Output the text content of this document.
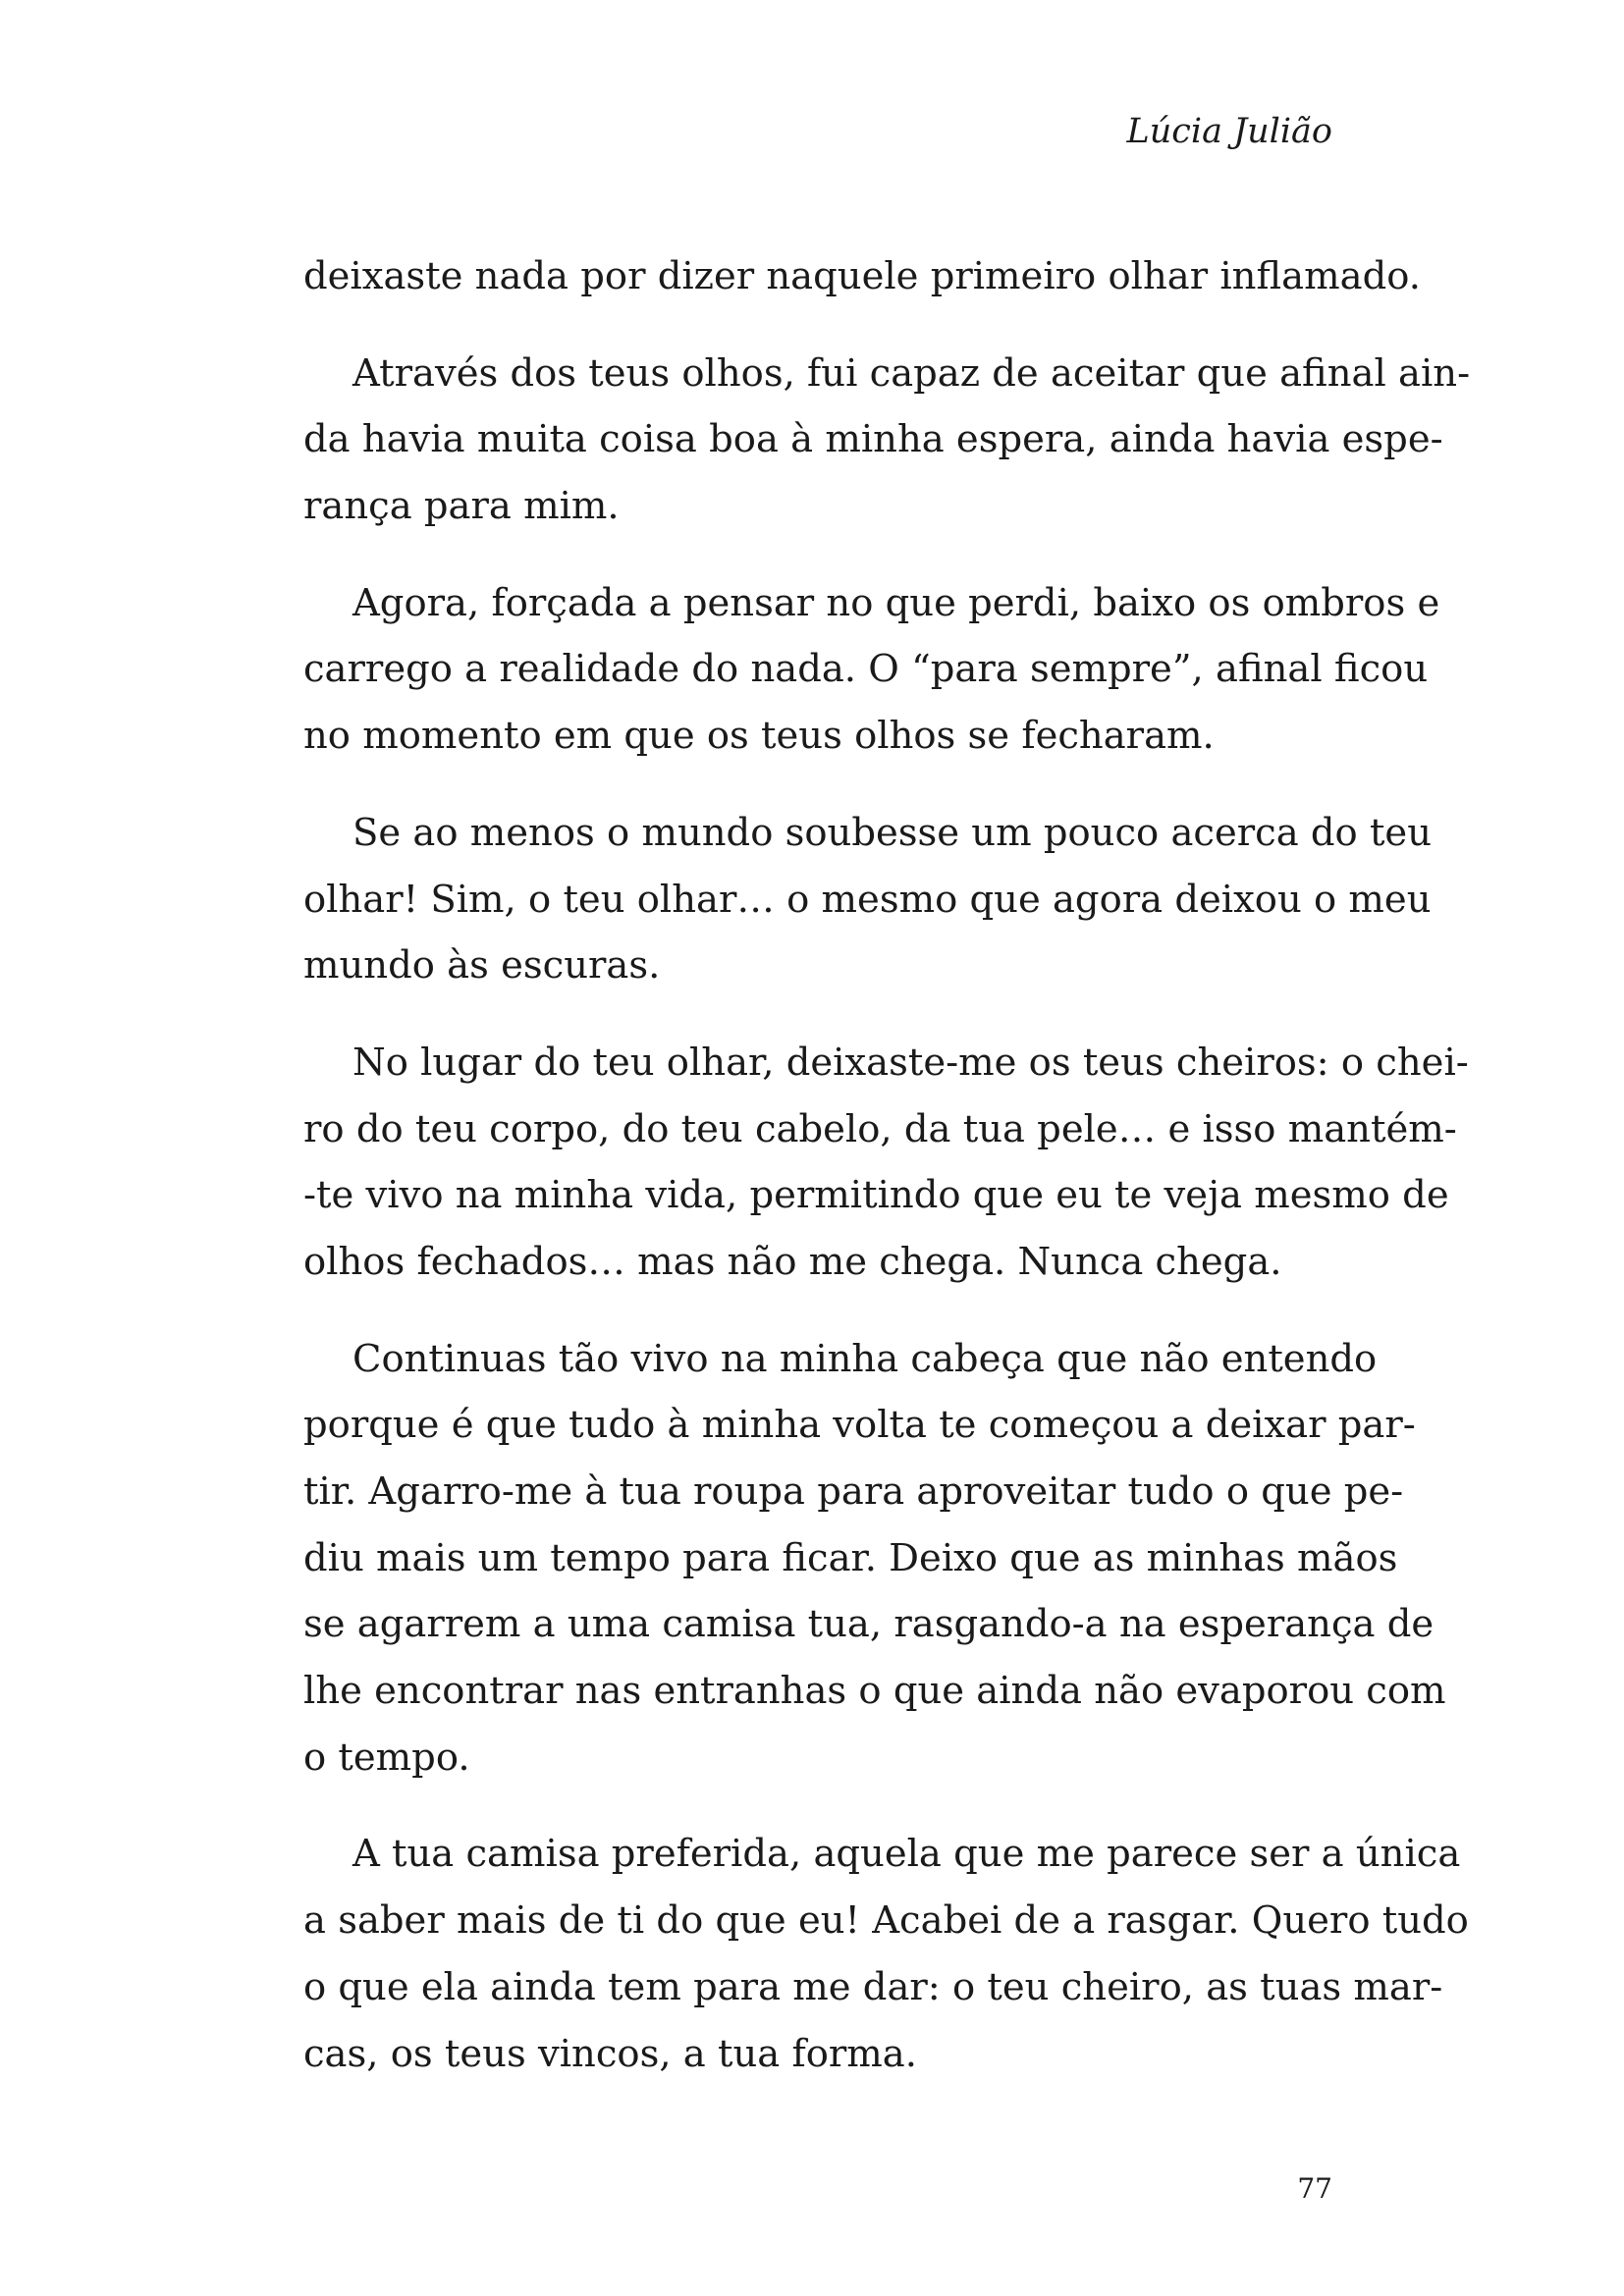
Lúcia Julião

deixaste nada por dizer naquele primeiro olhar inflamado.

Através dos teus olhos, fui capaz de aceitar que afinal ain-
da havia muita coisa boa à minha espera, ainda havia espe-
rança para mim.

Agora, forçada a pensar no que perdi, baixo os ombros e
carrego a realidade do nada. O “para sempre”, afinal ficou
no momento em que os teus olhos se fecharam.

Se ao menos o mundo soubesse um pouco acerca do teu
olhar! Sim, o teu olhar… o mesmo que agora deixou o meu
mundo às escuras.

No lugar do teu olhar, deixaste-me os teus cheiros: o chei-
ro do teu corpo, do teu cabelo, da tua pele… e isso mantém-
-te vivo na minha vida, permitindo que eu te veja mesmo de
olhos fechados… mas não me chega. Nunca chega.

Continuas tão vivo na minha cabeça que não entendo
porque é que tudo à minha volta te começou a deixar par-
tir. Agarro-me à tua roupa para aproveitar tudo o que pe-
diu mais um tempo para ficar. Deixo que as minhas mãos
se agarrem a uma camisa tua, rasgando-a na esperança de
lhe encontrar nas entranhas o que ainda não evaporou com
o tempo.

A tua camisa preferida, aquela que me parece ser a única
a saber mais de ti do que eu! Acabei de a rasgar. Quero tudo
o que ela ainda tem para me dar: o teu cheiro, as tuas mar-
cas, os teus vincos, a tua forma.

77
